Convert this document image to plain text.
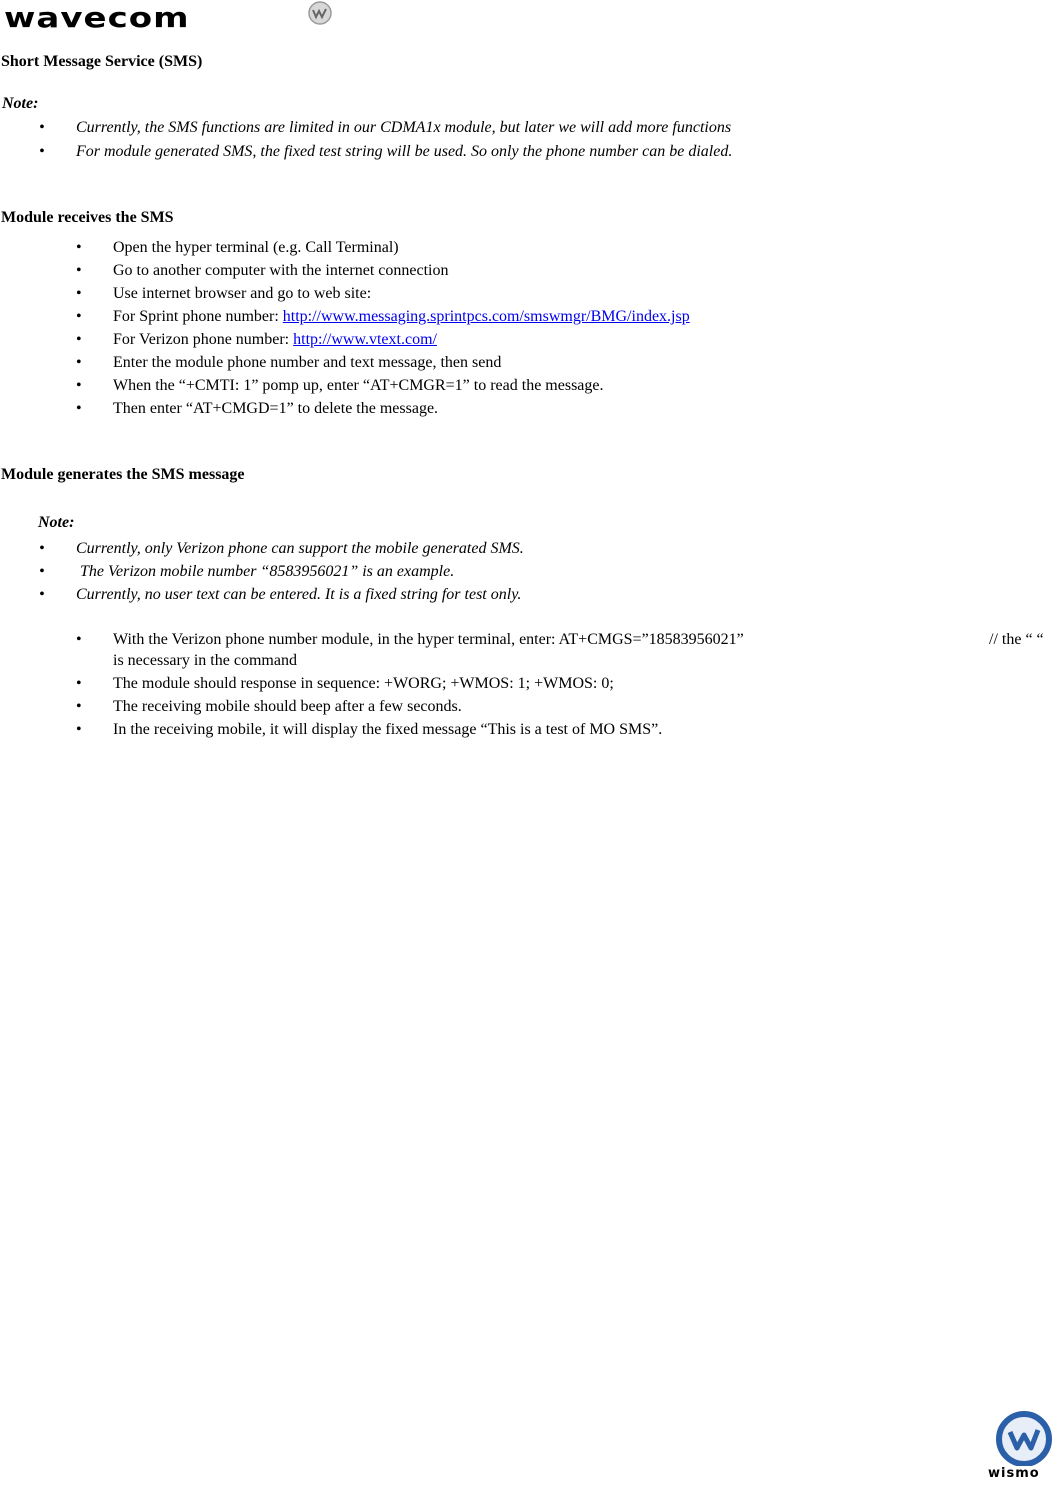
wavecom
Short Message Service (SMS)
Note:
• Currently, the SMS functions are limited in our CDMA1x module, but later we will add more functions
• For module generated SMS, the fixed test string will be used. So only the phone number can be dialed.
Module receives the SMS
• Open the hyper terminal (e.g. Call Terminal)
• Go to another computer with the internet connection
• Use internet browser and go to web site:
• For Sprint phone number: http://www.messaging.sprintpcs.com/smswmgr/BMG/index.jsp
• For Verizon phone number: http://www.vtext.com/
• Enter the module phone number and text message, then send
• When the “+CMTI: 1” pomp up, enter “AT+CMGR=1” to read the message.
• Then enter “AT+CMGD=1” to delete the message.
Module generates the SMS message
Note:
• Currently, only Verizon phone can support the mobile generated SMS.
• The Verizon mobile number “8583956021” is an example.
• Currently, no user text can be entered. It is a fixed string for test only.
• With the Verizon phone number module, in the hyper terminal, enter: AT+CMGS=”18583956021”	// the “ “
is necessary in the command
• The module should response in sequence: +WORG; +WMOS: 1; +WMOS: 0;
• The receiving mobile should beep after a few seconds.
• In the receiving mobile, it will display the fixed message “This is a test of MO SMS”.
wismo
